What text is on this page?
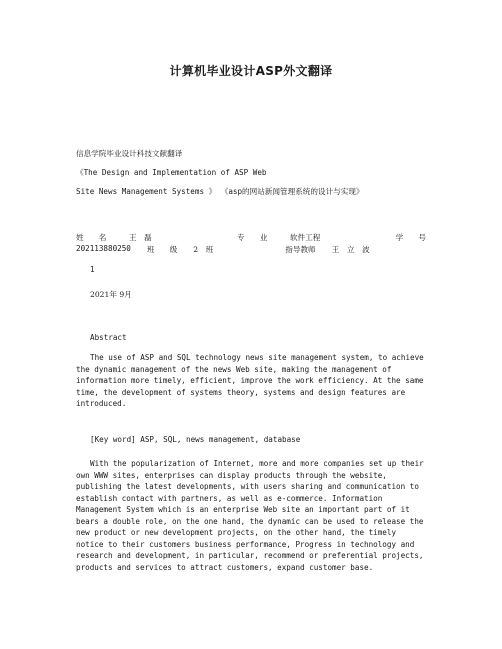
计算机毕业设计ASP外文翻译

信息学院毕业设计科技文献翻译

《The Design and Implementation of ASP Web

Site News Management Systems 》 《asp的网站新闻管理系统的设计与实现》

姓　　名	王　磊	专　　业	软件工程	学　　号
202113880250 班　　级 2　班	指导教师 王　立　波

1

2021年 9月

Abstract

The use of ASP and SQL technology news site management system, to achieve the dynamic management of the news Web site, making the management of information more timely, efficient, improve the work efficiency. At the same time, the development of systems theory, systems and design features are introduced.

[Key word] ASP, SQL, news management, database

With the popularization of Internet, more and more companies set up their own WWW sites, enterprises can display products through the website, publishing the latest developments, with users sharing and communication to establish contact with partners, as well as e-commerce. Information Management System which is an enterprise Web site an important part of it bears a double role, on the one hand, the dynamic can be used to release the new product or new development projects, on the other hand, the timely notice to their customers business performance, Progress in technology and research and development, in particular, recommend or preferential projects, products and services to attract customers, expand customer base.
